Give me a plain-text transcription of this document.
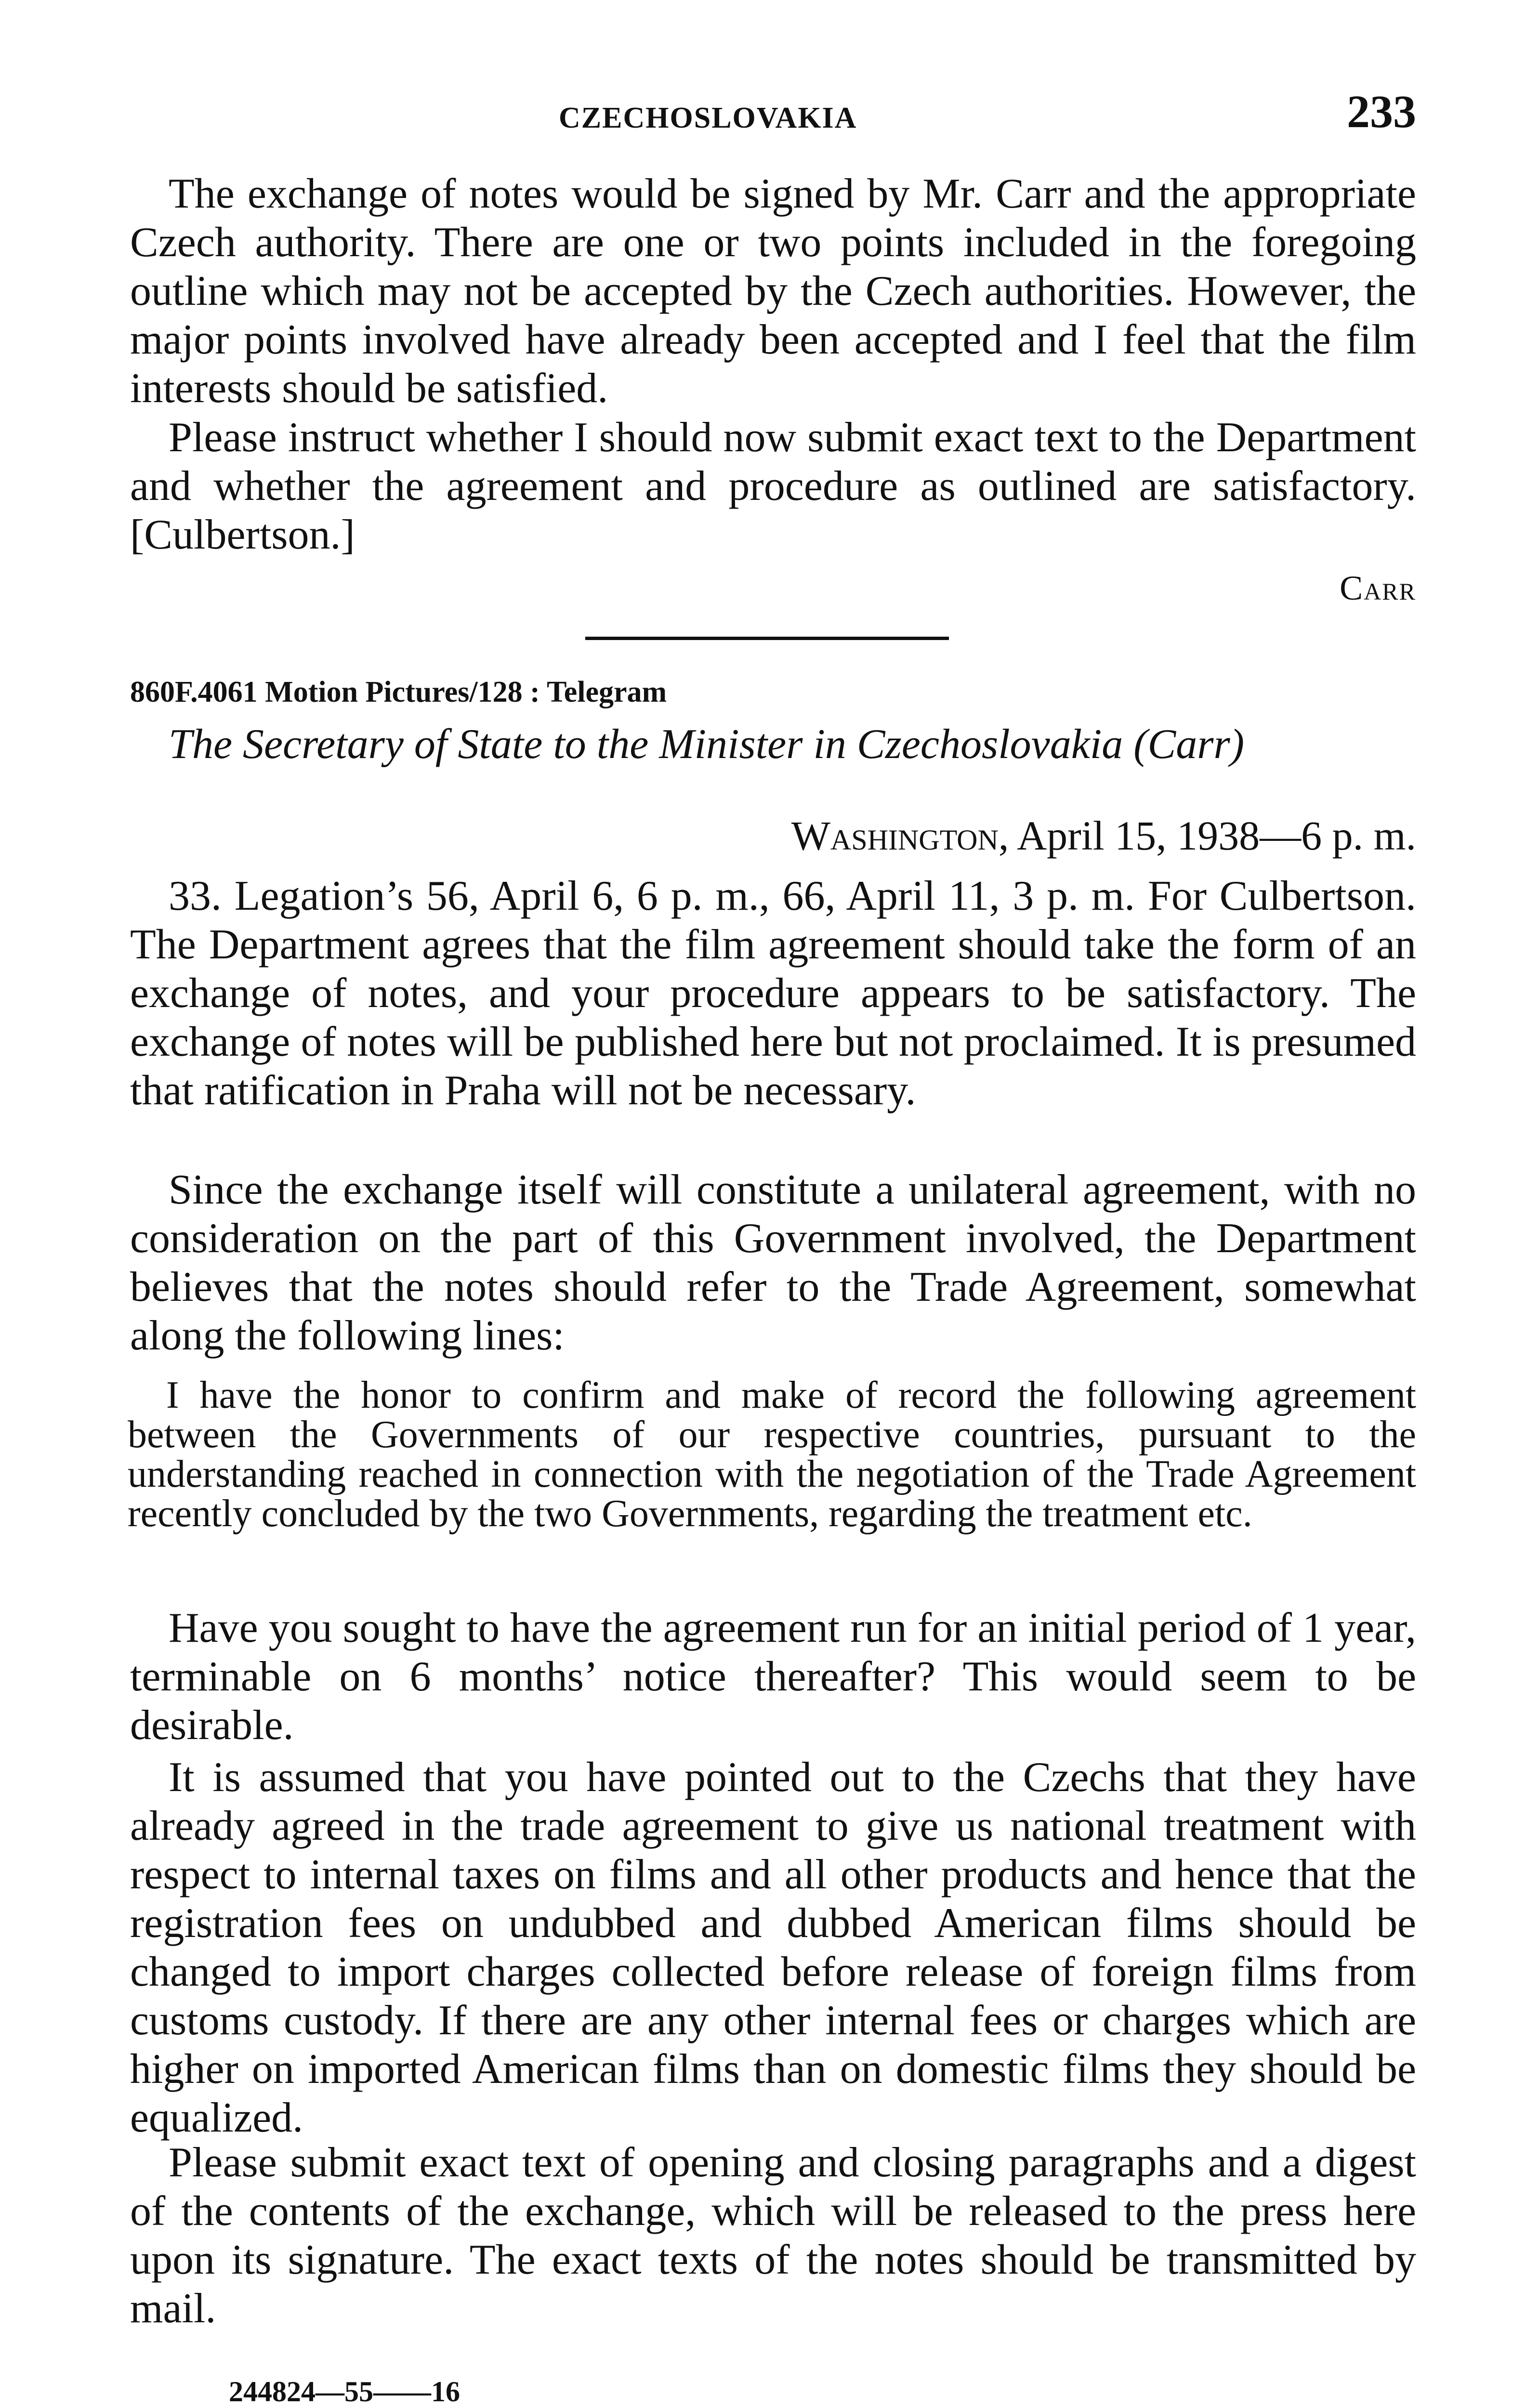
CZECHOSLOVAKIA	233

The exchange of notes would be signed by Mr. Carr and the appropriate Czech authority. There are one or two points included in the foregoing outline which may not be accepted by the Czech authorities. However, the major points involved have already been accepted and I feel that the film interests should be satisfied.

Please instruct whether I should now submit exact text to the Department and whether the agreement and procedure as outlined are satisfactory. [Culbertson.]

Carr
860F.4061 Motion Pictures/128 : Telegram
The Secretary of State to the Minister in Czechoslovakia (Carr)
Washington, April 15, 1938—6 p. m.

33. Legation’s 56, April 6, 6 p. m., 66, April 11, 3 p. m. For Culbertson. The Department agrees that the film agreement should take the form of an exchange of notes, and your procedure appears to be satisfactory. The exchange of notes will be published here but not proclaimed. It is presumed that ratification in Praha will not be necessary.

Since the exchange itself will constitute a unilateral agreement, with no consideration on the part of this Government involved, the Department believes that the notes should refer to the Trade Agreement, somewhat along the following lines:

I have the honor to confirm and make of record the following agreement between the Governments of our respective countries, pursuant to the understanding reached in connection with the negotiation of the Trade Agreement recently concluded by the two Governments, regarding the treatment etc.

Have you sought to have the agreement run for an initial period of 1 year, terminable on 6 months’ notice thereafter? This would seem to be desirable.

It is assumed that you have pointed out to the Czechs that they have already agreed in the trade agreement to give us national treatment with respect to internal taxes on films and all other products and hence that the registration fees on undubbed and dubbed American films should be changed to import charges collected before release of foreign films from customs custody. If there are any other internal fees or charges which are higher on imported American films than on domestic films they should be equalized.

Please submit exact text of opening and closing paragraphs and a digest of the contents of the exchange, which will be released to the press here upon its signature. The exact texts of the notes should be transmitted by mail.

244824—55——16
